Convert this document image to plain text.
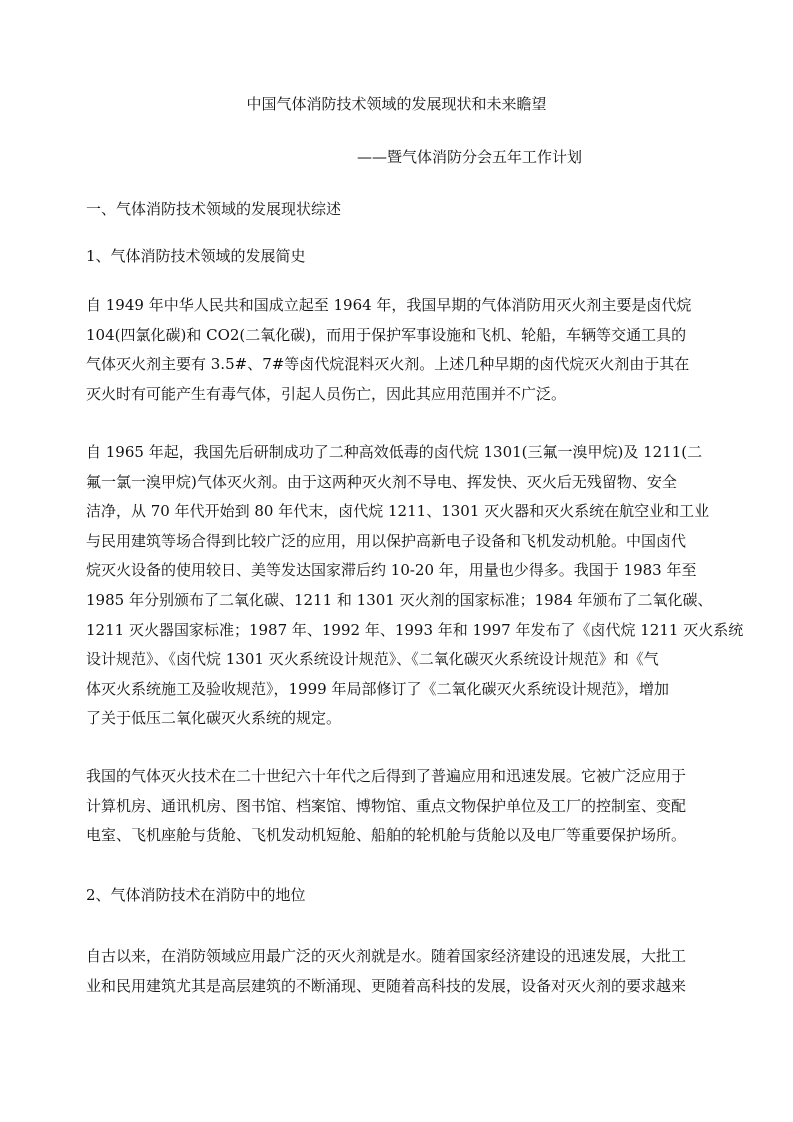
中国气体消防技术领域的发展现状和未来瞻望
——暨气体消防分会五年工作计划
一、气体消防技术领域的发展现状综述
1、气体消防技术领域的发展简史
自 1949 年中华人民共和国成立起至 1964 年，我国早期的气体消防用灭火剂主要是卤代烷
104(四氯化碳)和 CO2(二氧化碳)，而用于保护军事设施和飞机、轮船，车辆等交通工具的
气体灭火剂主要有 3.5#、7#等卤代烷混料灭火剂。上述几种早期的卤代烷灭火剂由于其在
灭火时有可能产生有毒气体，引起人员伤亡，因此其应用范围并不广泛。
自 1965 年起，我国先后研制成功了二种高效低毒的卤代烷 1301(三氟一溴甲烷)及 1211(二
氟一氯一溴甲烷)气体灭火剂。由于这两种灭火剂不导电、挥发快、灭火后无残留物、安全
洁净，从 70 年代开始到 80 年代末，卤代烷 1211、1301 灭火器和灭火系统在航空业和工业
与民用建筑等场合得到比较广泛的应用，用以保护高新电子设备和飞机发动机舱。中国卤代
烷灭火设备的使用较日、美等发达国家滞后约 10-20 年，用量也少得多。我国于 1983 年至
1985 年分别颁布了二氧化碳、1211 和 1301 灭火剂的国家标准；1984 年颁布了二氧化碳、
1211 灭火器国家标准；1987 年、1992 年、1993 年和 1997 年发布了《卤代烷 1211 灭火系统
设计规范》、《卤代烷 1301 灭火系统设计规范》、《二氧化碳灭火系统设计规范》和《气
体灭火系统施工及验收规范》，1999 年局部修订了《二氧化碳灭火系统设计规范》，增加
了关于低压二氧化碳灭火系统的规定。
我国的气体灭火技术在二十世纪六十年代之后得到了普遍应用和迅速发展。它被广泛应用于
计算机房、通讯机房、图书馆、档案馆、博物馆、重点文物保护单位及工厂的控制室、变配
电室、飞机座舱与货舱、飞机发动机短舱、船舶的轮机舱与货舱以及电厂等重要保护场所。
2、气体消防技术在消防中的地位
自古以来，在消防领域应用最广泛的灭火剂就是水。随着国家经济建设的迅速发展，大批工
业和民用建筑尤其是高层建筑的不断涌现、更随着高科技的发展，设备对灭火剂的要求越来
